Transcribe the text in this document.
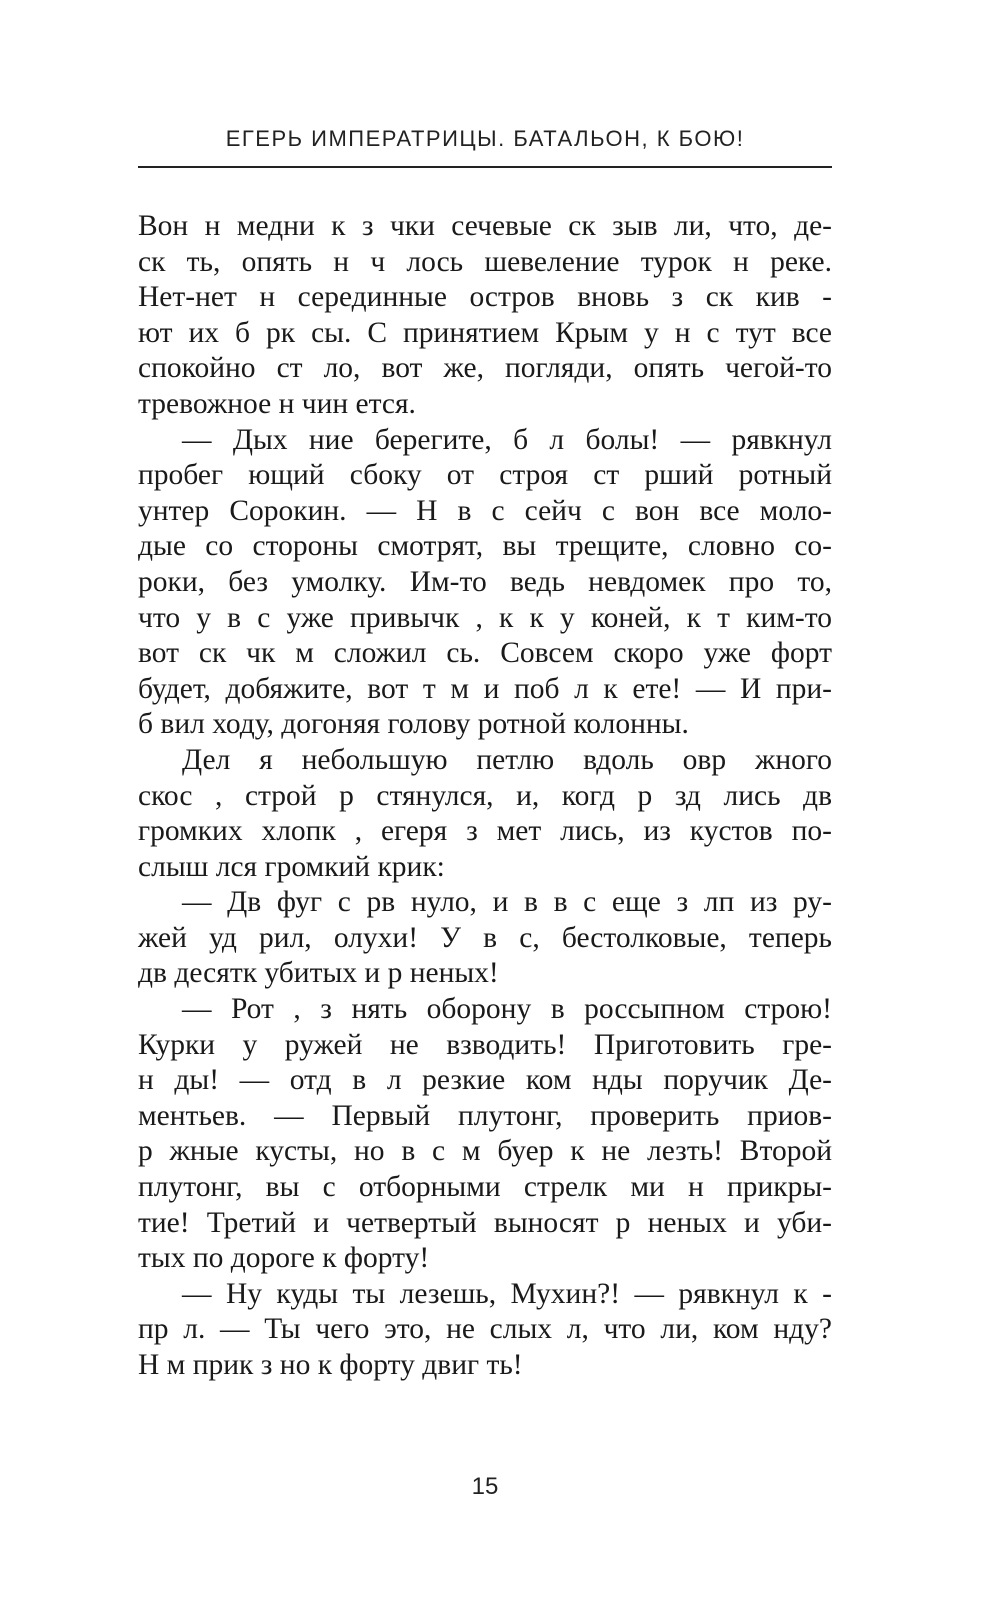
ЕГЕРЬ ИМПЕРАТРИЦЫ. БАТАЛЬОН, К БОЮ!
Вон н медни к з чки сечевые ск зыв ли, что, де-
ск ть, опять н ч лось шевеление турок н реке.
Нет-нет н серединные остров вновь з ск кив -
ют их б рк сы. С принятием Крым у н с тут все
спокойно ст ло, вот же, погляди, опять чегой-то
тревожное н чин ется.
— Дых ние берегите, б л болы! — рявкнул
пробег ющий сбоку от строя ст рший ротный
унтер Сорокин. — Н в с сейч с вон все моло-
дые со стороны смотрят, вы трещите, словно со-
роки, без умолку. Им-то ведь невдомек про то,
что у в с уже привычк , к к у коней, к т ким-то
вот ск чк м сложил сь. Совсем скоро уже форт
будет, добяжите, вот т м и поб л к ете! — И при-
б вил ходу, догоняя голову ротной колонны.
Дел я небольшую петлю вдоль овр жного
скос , строй р стянулся, и, когд р зд лись дв
громких хлопк , егеря з мет лись, из кустов по-
слыш лся громкий крик:
— Дв фуг с рв нуло, и в в с еще з лп из ру-
жей уд рил, олухи! У в с, бестолковые, теперь
дв десятк убитых и р неных!
— Рот , з нять оборону в россыпном строю!
Курки у ружей не взводить! Приготовить гре-
н ды! — отд в л резкие ком нды поручик Де-
ментьев. — Первый плутонг, проверить приов-
р жные кусты, но в с м буер к не лезть! Второй
плутонг, вы с отборными стрелк ми н прикры-
тие! Третий и четвертый выносят р неных и уби-
тых по дороге к форту!
— Ну куды ты лезешь, Мухин?! — рявкнул к -
пр л. — Ты чего это, не слых л, что ли, ком нду?
Н м прик з но к форту двиг ть!
15
